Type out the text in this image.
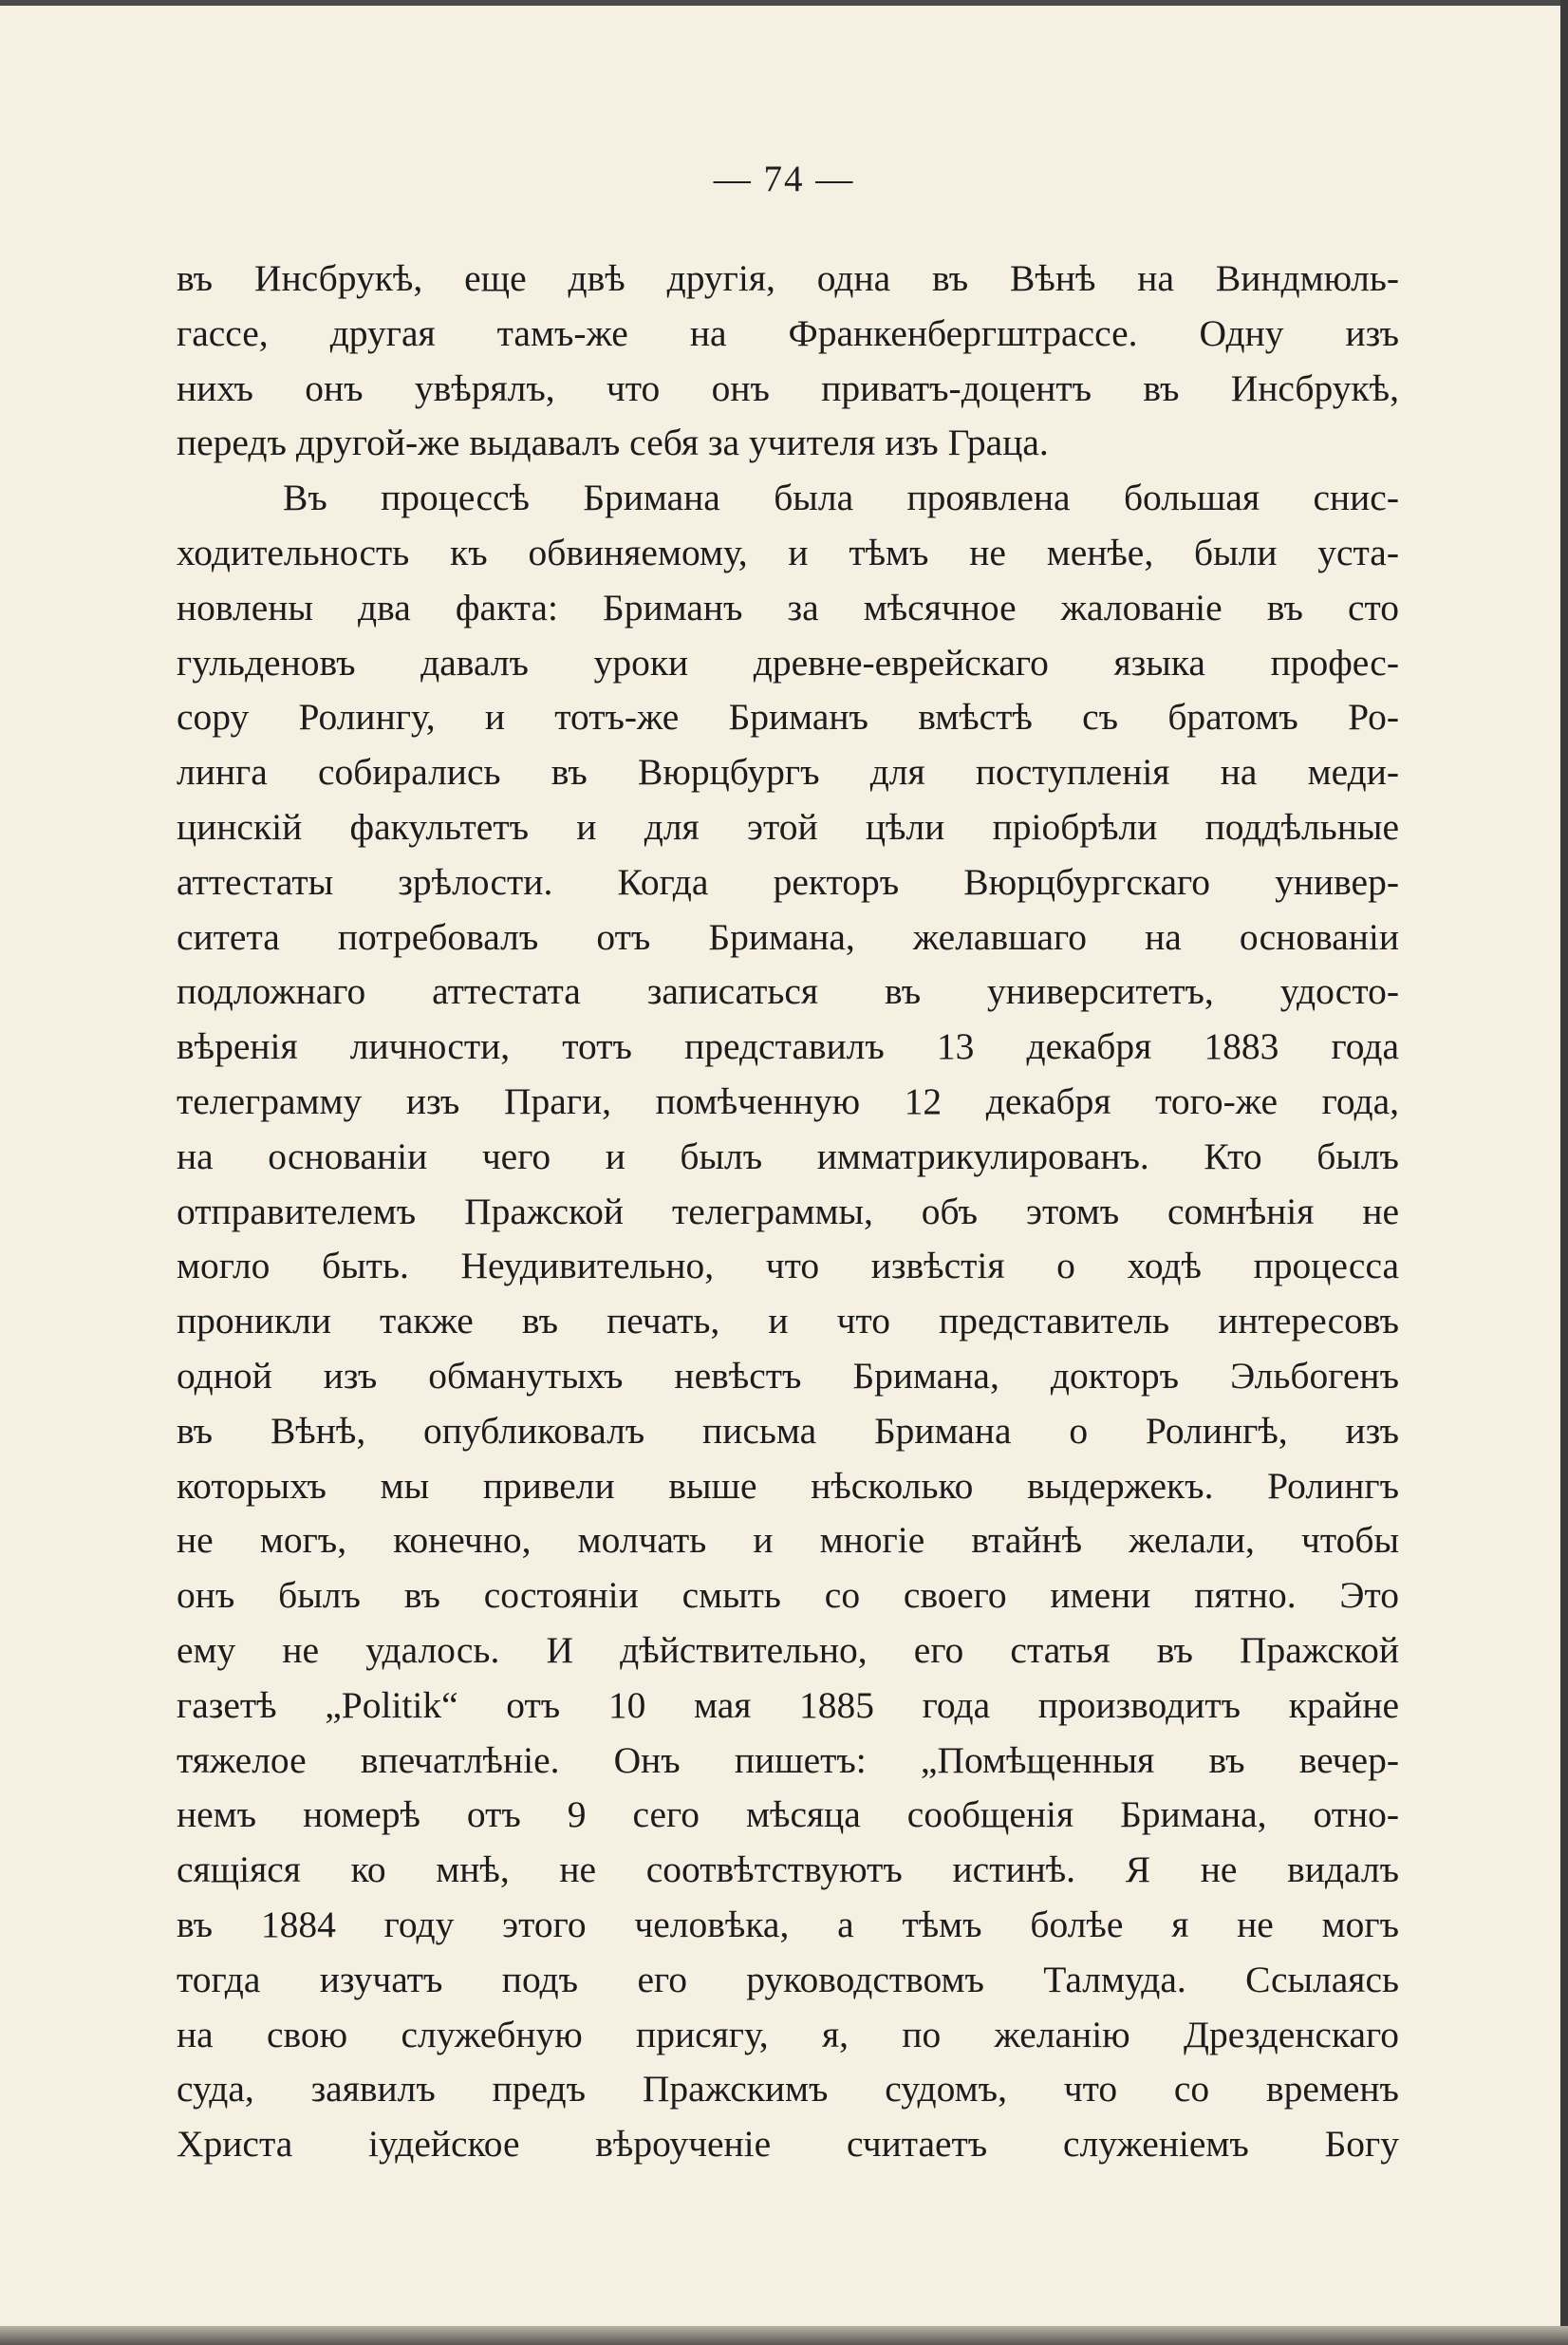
— 74 —
въ Инсбрукѣ, еще двѣ другія, одна въ Вѣнѣ на Виндмюль-
гассе, другая тамъ-же на Франкенбергштрассе. Одну изъ
нихъ онъ увѣрялъ, что онъ приватъ-доцентъ въ Инсбрукѣ,
передъ другой-же выдавалъ себя за учителя изъ Граца.
Въ процессѣ Бримана была проявлена большая снис-
ходительность къ обвиняемому, и тѣмъ не менѣе, были уста-
новлены два факта: Бриманъ за мѣсячное жалованіе въ сто
гульденовъ давалъ уроки древне-еврейскаго языка профес-
сору Ролингу, и тотъ-же Бриманъ вмѣстѣ съ братомъ Ро-
линга собирались въ Вюрцбургъ для поступленія на меди-
цинскій факультетъ и для этой цѣли пріобрѣли поддѣльные
аттестаты зрѣлости. Когда ректоръ Вюрцбургскаго универ-
ситета потребовалъ отъ Бримана, желавшаго на основаніи
подложнаго аттестата записаться въ университетъ, удосто-
вѣренія личности, тотъ представилъ 13 декабря 1883 года
телеграмму изъ Праги, помѣченную 12 декабря того-же года,
на основаніи чего и былъ имматрикулированъ. Кто былъ
отправителемъ Пражской телеграммы, объ этомъ сомнѣнія не
могло быть. Неудивительно, что извѣстія о ходѣ процесса
проникли также въ печать, и что представитель интересовъ
одной изъ обманутыхъ невѣстъ Бримана, докторъ Эльбогенъ
въ Вѣнѣ, опубликовалъ письма Бримана о Ролингѣ, изъ
которыхъ мы привели выше нѣсколько выдержекъ. Ролингъ
не могъ, конечно, молчать и многіе втайнѣ желали, чтобы
онъ былъ въ состояніи смыть со своего имени пятно. Это
ему не удалось. И дѣйствительно, его статья въ Пражской
газетѣ „Politik“ отъ 10 мая 1885 года производитъ крайне
тяжелое впечатлѣніе. Онъ пишетъ: „Помѣщенныя въ вечер-
немъ номерѣ отъ 9 сего мѣсяца сообщенія Бримана, отно-
сящіяся ко мнѣ, не соотвѣтствуютъ истинѣ. Я не видалъ
въ 1884 году этого человѣка, а тѣмъ болѣе я не могъ
тогда изучатъ подъ его руководствомъ Талмуда. Ссылаясь
на свою служебную присягу, я, по желанію Дрезденскаго
суда, заявилъ предъ Пражскимъ судомъ, что со временъ
Христа іудейское вѣроученіе считаетъ служеніемъ Богу
